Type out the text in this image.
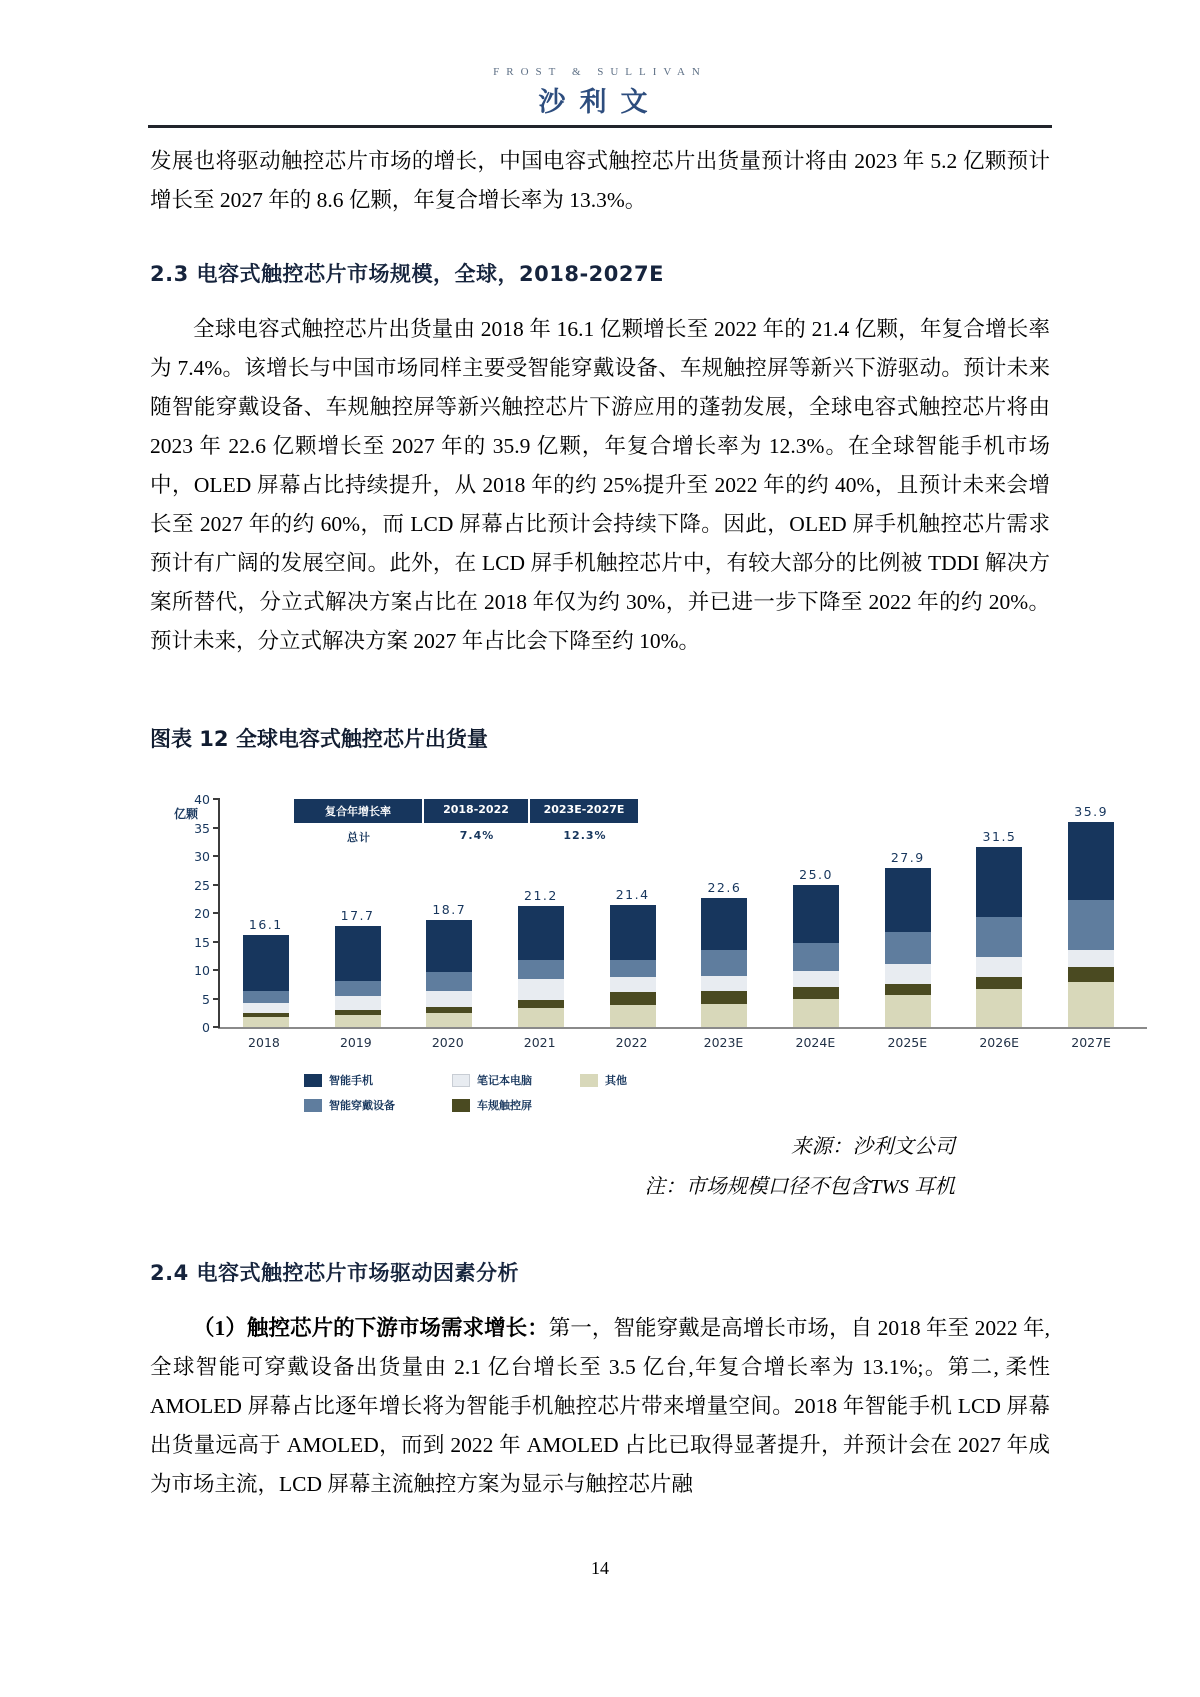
FROST & SULLIVAN
沙利文

发展也将驱动触控芯片市场的增长，中国电容式触控芯片出货量预计将由 2023 年 5.2 亿颗预计增长至 2027 年的 8.6 亿颗，年复合增长率为 13.3%。

2.3 电容式触控芯片市场规模，全球，2018-2027E

全球电容式触控芯片出货量由 2018 年 16.1 亿颗增长至 2022 年的 21.4 亿颗，年复合增长率为 7.4%。该增长与中国市场同样主要受智能穿戴设备、车规触控屏等新兴下游驱动。预计未来随智能穿戴设备、车规触控屏等新兴触控芯片下游应用的蓬勃发展，全球电容式触控芯片将由 2023 年 22.6 亿颗增长至 2027 年的 35.9 亿颗，年复合增长率为 12.3%。在全球智能手机市场中，OLED 屏幕占比持续提升，从 2018 年的约 25%提升至 2022 年的约 40%，且预计未来会增长至 2027 年的约 60%，而 LCD 屏幕占比预计会持续下降。因此，OLED 屏手机触控芯片需求预计有广阔的发展空间。此外，在 LCD 屏手机触控芯片中，有较大部分的比例被 TDDI 解决方案所替代，分立式解决方案占比在 2018 年仅为约 30%，并已进一步下降至 2022 年的约 20%。预计未来，分立式解决方案 2027 年占比会下降至约 10%。

图表 12 全球电容式触控芯片出货量
亿颗	复合年增长率	2018-2022	2023E-2027E
总计	7.4%	12.3%
16.1
17.7	18.7
21.2	21.4	22.6
25.0
27.9
31.5
35.9
0
5
10
15
20
25
30
35
40
2018	2019	2020	2021	2022	2023E	2024E	2025E	2026E	2027E
智能手机	笔记本电脑	其他
智能穿戴设备	车规触控屏
来源：沙利文公司
注：市场规模口径不包含TWS 耳机
2.4 电容式触控芯片市场驱动因素分析

（1）触控芯片的下游市场需求增长：第一，智能穿戴是高增长市场，自 2018 年至 2022 年,全球智能可穿戴设备出货量由 2.1 亿台增长至 3.5 亿台,年复合增长率为 13.1%;。第二, 柔性 AMOLED 屏幕占比逐年增长将为智能手机触控芯片带来增量空间。2018 年智能手机 LCD 屏幕出货量远高于 AMOLED，而到 2022 年 AMOLED 占比已取得显著提升，并预计会在 2027 年成为市场主流，LCD 屏幕主流触控方案为显示与触控芯片融

14
